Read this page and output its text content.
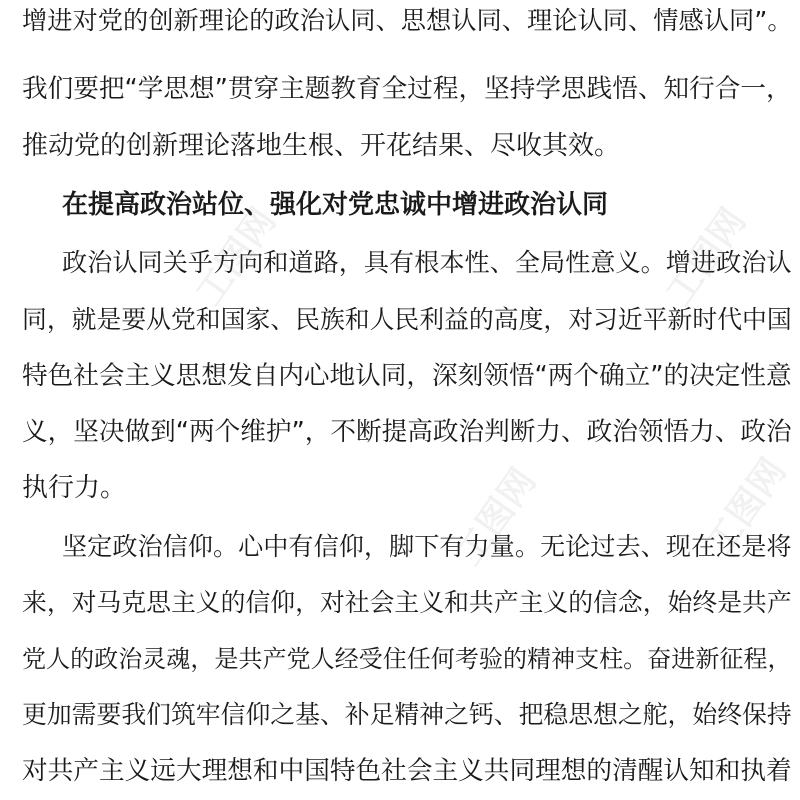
增进对党的创新理论的政治认同、思想认同、理论认同、情感认同”。

我们要把“学思想”贯穿主题教育全过程，坚持学思践悟、知行合一，

推动党的创新理论落地生根、开花结果、尽收其效。

在提高政治站位、强化对党忠诚中增进政治认同

政治认同关乎方向和道路，具有根本性、全局性意义。增进政治认

同，就是要从党和国家、民族和人民利益的高度，对习近平新时代中国

特色社会主义思想发自内心地认同，深刻领悟“两个确立”的决定性意

义，坚决做到“两个维护”，不断提高政治判断力、政治领悟力、政治

执行力。

坚定政治信仰。心中有信仰，脚下有力量。无论过去、现在还是将

来，对马克思主义的信仰，对社会主义和共产主义的信念，始终是共产

党人的政治灵魂，是共产党人经受住任何考验的精神支柱。奋进新征程，

更加需要我们筑牢信仰之基、补足精神之钙、把稳思想之舵，始终保持

对共产主义远大理想和中国特色社会主义共同理想的清醒认知和执着

工图网
工图网
工图网
工图网
